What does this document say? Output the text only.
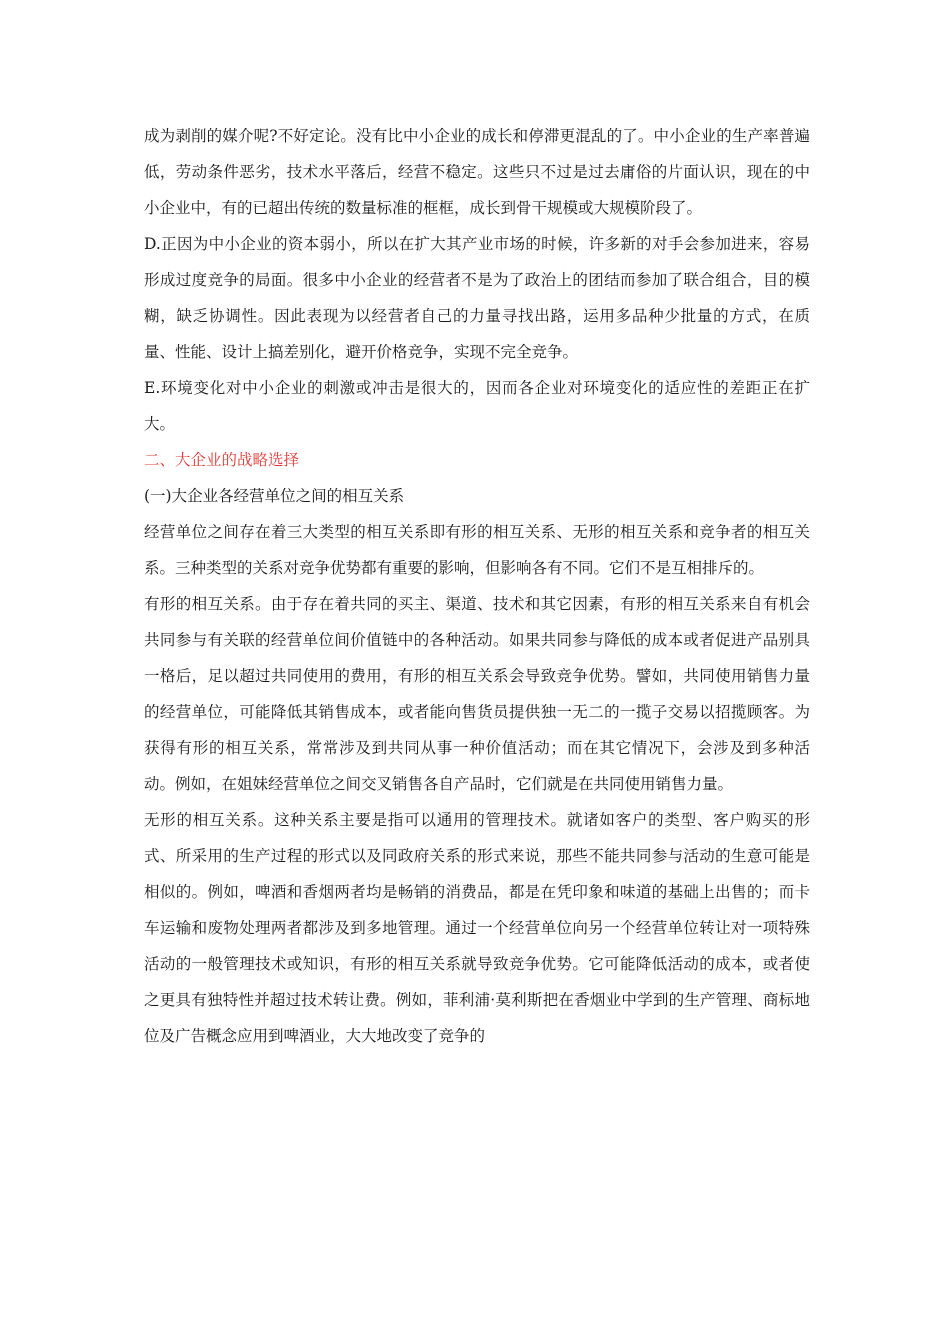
成为剥削的媒介呢?不好定论。没有比中小企业的成长和停滞更混乱的了。中小企业的生产率普遍低，劳动条件恶劣，技术水平落后，经营不稳定。这些只不过是过去庸俗的片面认识，现在的中小企业中，有的已超出传统的数量标准的框框，成长到骨干规模或大规模阶段了。

D.正因为中小企业的资本弱小，所以在扩大其产业市场的时候，许多新的对手会参加进来，容易形成过度竞争的局面。很多中小企业的经营者不是为了政治上的团结而参加了联合组合，目的模糊，缺乏协调性。因此表现为以经营者自己的力量寻找出路，运用多品种少批量的方式，在质量、性能、设计上搞差别化，避开价格竞争，实现不完全竞争。

E.环境变化对中小企业的刺激或冲击是很大的，因而各企业对环境变化的适应性的差距正在扩大。

二、大企业的战略选择

(一)大企业各经营单位之间的相互关系

经营单位之间存在着三大类型的相互关系即有形的相互关系、无形的相互关系和竞争者的相互关系。三种类型的关系对竞争优势都有重要的影响，但影响各有不同。它们不是互相排斥的。

有形的相互关系。由于存在着共同的买主、渠道、技术和其它因素，有形的相互关系来自有机会共同参与有关联的经营单位间价值链中的各种活动。如果共同参与降低的成本或者促进产品别具一格后，足以超过共同使用的费用，有形的相互关系会导致竞争优势。譬如，共同使用销售力量的经营单位，可能降低其销售成本，或者能向售货员提供独一无二的一揽子交易以招揽顾客。为获得有形的相互关系，常常涉及到共同从事一种价值活动；而在其它情况下，会涉及到多种活动。例如，在姐妹经营单位之间交叉销售各自产品时，它们就是在共同使用销售力量。

无形的相互关系。这种关系主要是指可以通用的管理技术。就诸如客户的类型、客户购买的形式、所采用的生产过程的形式以及同政府关系的形式来说，那些不能共同参与活动的生意可能是相似的。例如，啤酒和香烟两者均是畅销的消费品，都是在凭印象和味道的基础上出售的；而卡车运输和废物处理两者都涉及到多地管理。通过一个经营单位向另一个经营单位转让对一项特殊活动的一般管理技术或知识，有形的相互关系就导致竞争优势。它可能降低活动的成本，或者使之更具有独特性并超过技术转让费。例如，菲利浦·莫利斯把在香烟业中学到的生产管理、商标地位及广告概念应用到啤酒业，大大地改变了竞争的
